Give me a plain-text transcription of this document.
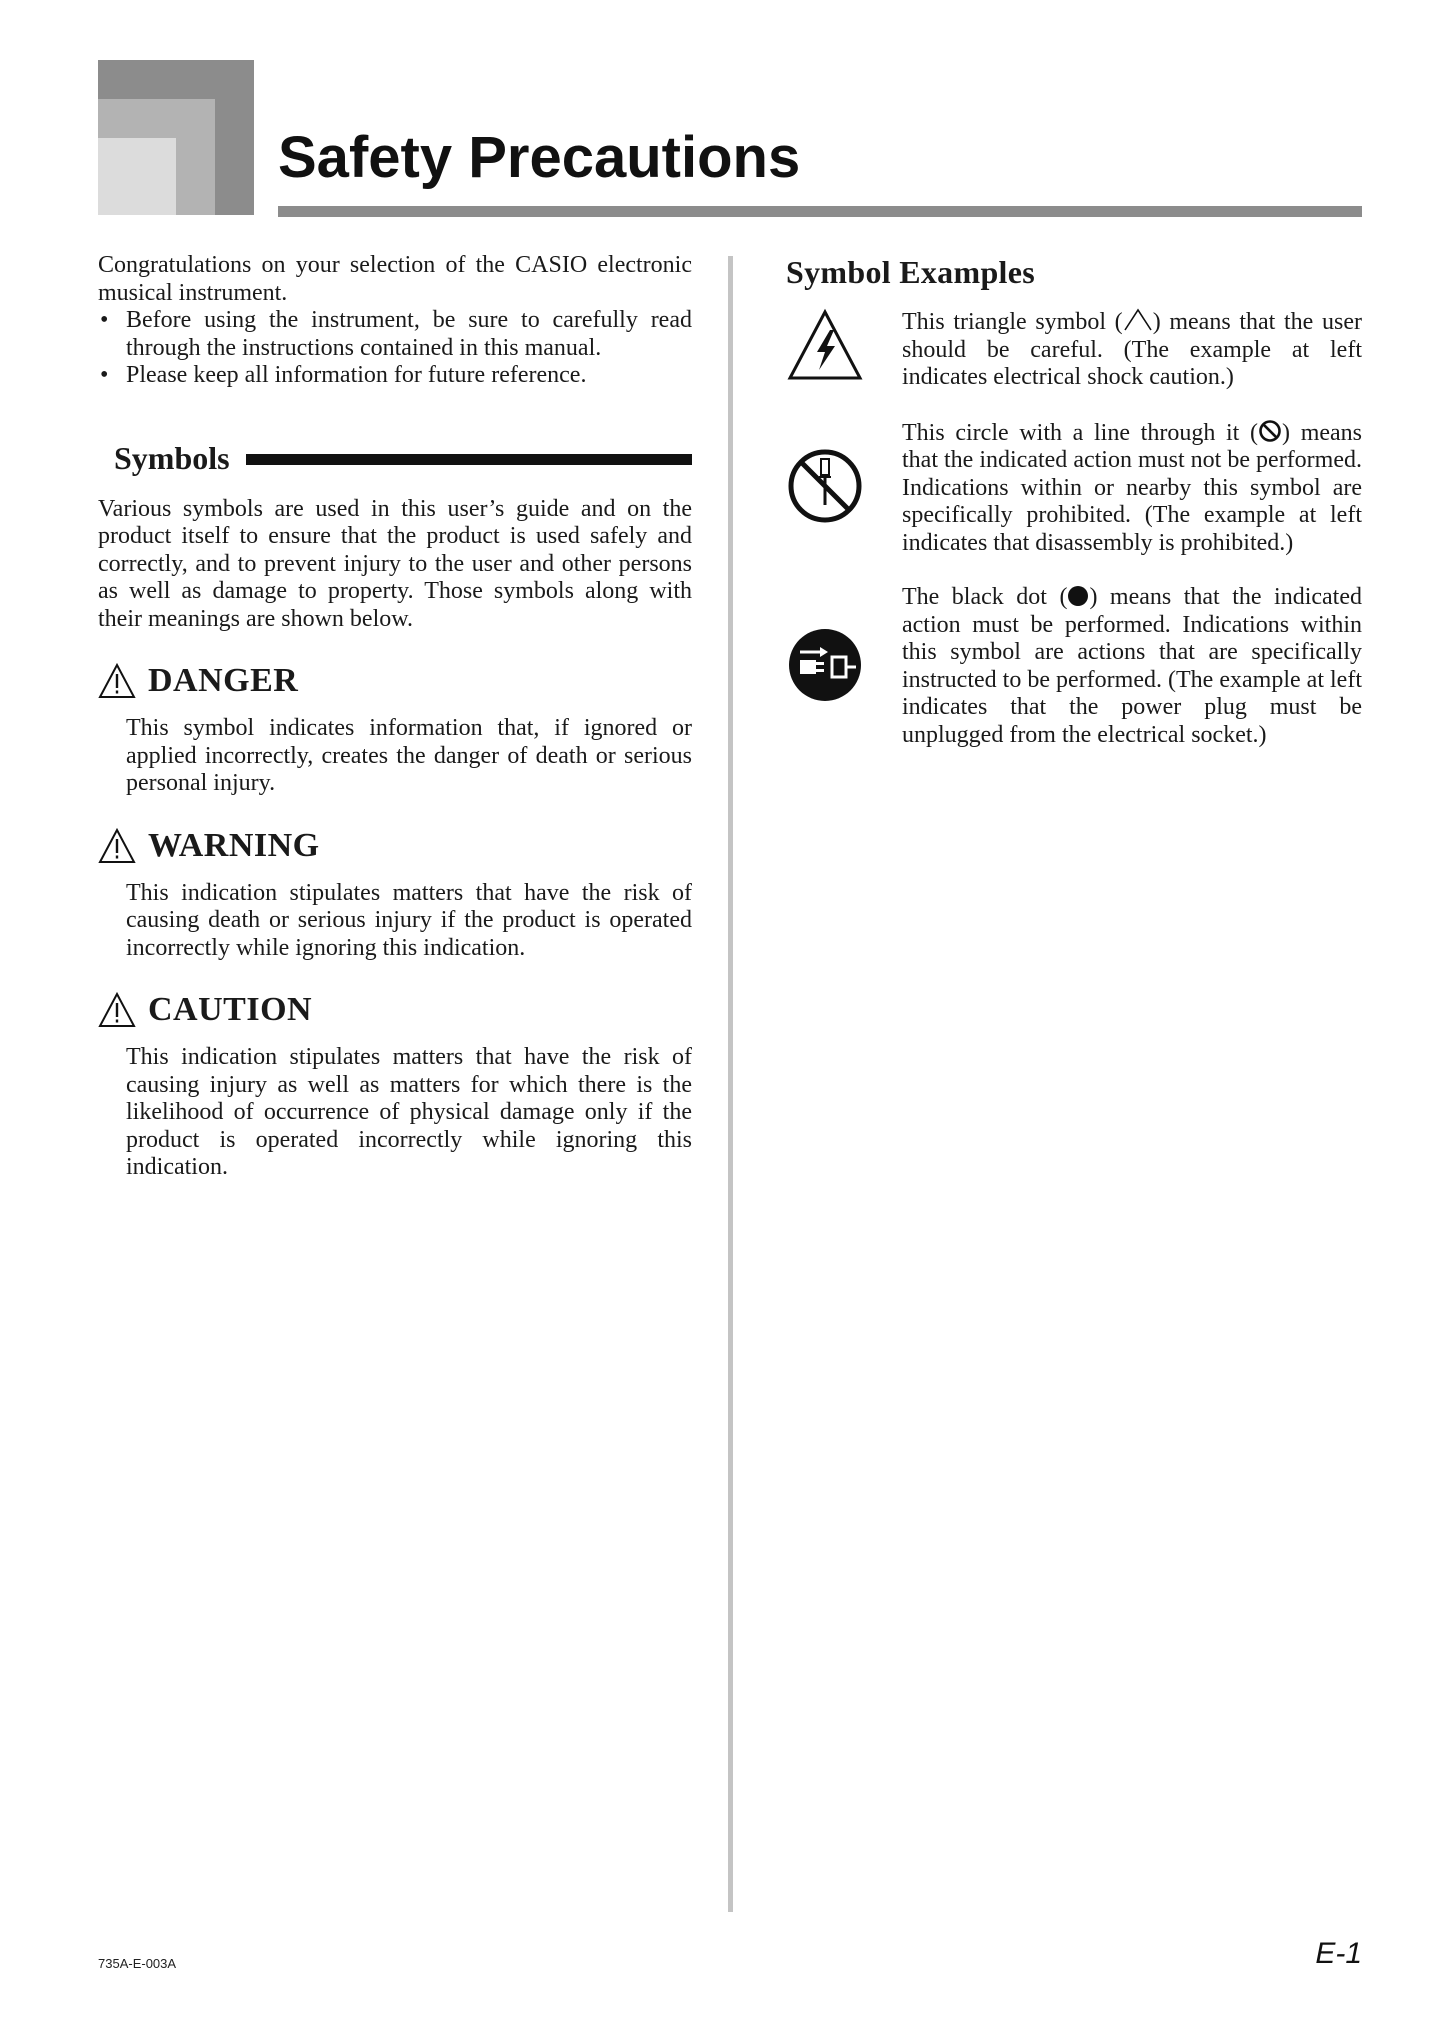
Safety Precautions

Congratulations on your selection of the CASIO electronic musical instrument.

• Before using the instrument, be sure to carefully read through the instructions contained in this manual.
• Please keep all information for future reference.
Symbols

Various symbols are used in this user’s guide and on the product itself to ensure that the product is used safely and correctly, and to prevent injury to the user and other persons as well as damage to property. Those symbols along with their meanings are shown below.

DANGER

This symbol indicates information that, if ignored or applied incorrectly, creates the danger of death or serious personal injury.

WARNING

This indication stipulates matters that have the risk of causing death or serious injury if the product is operated incorrectly while ignoring this indication.

CAUTION

This indication stipulates matters that have the risk of causing injury as well as matters for which there is the likelihood of occurrence of physical damage only if the product is operated incorrectly while ignoring this indication.

Symbol Examples

This triangle symbol ( ) means that the user should be careful. (The example at left indicates electrical shock caution.)

This circle with a line through it ( ) means that the indicated action must not be performed. Indications within or nearby this symbol are specifically prohibited. (The example at left indicates that disassembly is prohibited.)

The black dot ( ) means that the indicated action must be performed. Indications within this symbol are actions that are specifically instructed to be performed. (The example at left indicates that the power plug must be unplugged from the electrical socket.)

735A-E-003A	E-1
